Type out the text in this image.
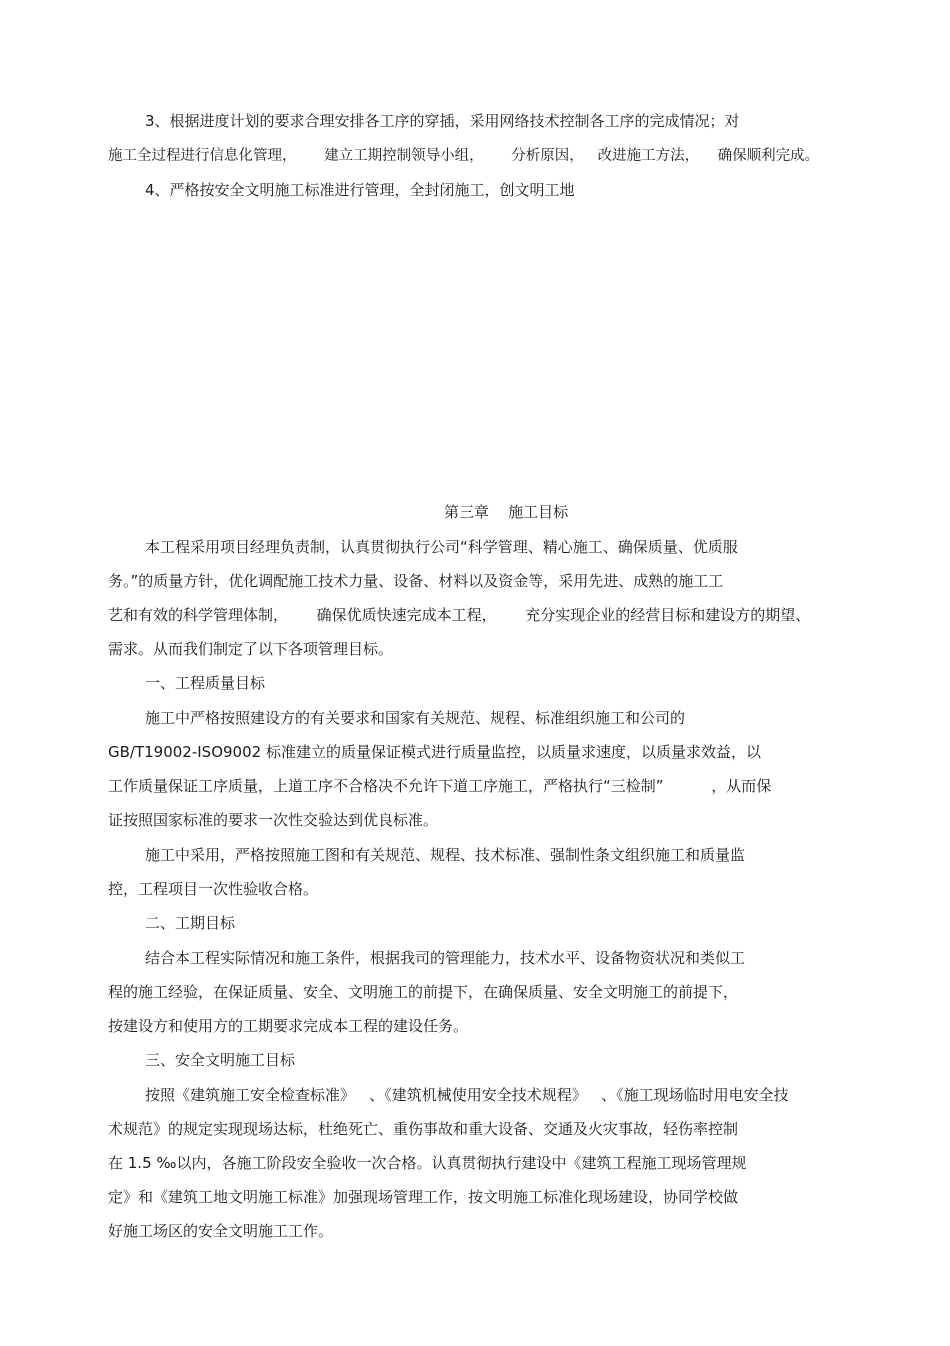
3、根据进度计划的要求合理安排各工序的穿插，采用网络技术控制各工序的完成情况；对

施工全过程进行信息化管理，      建立工期控制领导小组，      分析原因，   改进施工方法，    确保顺利完成。

4、严格按安全文明施工标准进行管理，全封闭施工，创文明工地

第三章    施工目标

本工程采用项目经理负责制，认真贯彻执行公司“科学管理、精心施工、确保质量、优质服

务。”的质量方针，优化调配施工技术力量、设备、材料以及资金等，采用先进、成熟的施工工

艺和有效的科学管理体制，      确保优质快速完成本工程，      充分实现企业的经营目标和建设方的期望、

需求。从而我们制定了以下各项管理目标。

一、工程质量目标

施工中严格按照建设方的有关要求和国家有关规范、规程、标准组织施工和公司的

GB/T19002-ISO9002 标准建立的质量保证模式进行质量监控，以质量求速度，以质量求效益，以

工作质量保证工序质量，上道工序不合格决不允许下道工序施工，严格执行“三检制”          ，从而保

证按照国家标准的要求一次性交验达到优良标准。

施工中采用，严格按照施工图和有关规范、规程、技术标准、强制性条文组织施工和质量监

控，工程项目一次性验收合格。

二、工期目标

结合本工程实际情况和施工条件，根据我司的管理能力，技术水平、设备物资状况和类似工

程的施工经验，在保证质量、安全、文明施工的前提下，在确保质量、安全文明施工的前提下，

按建设方和使用方的工期要求完成本工程的建设任务。

三、安全文明施工目标

按照《建筑施工安全检查标准》   、《建筑机械使用安全技术规程》   、《施工现场临时用电安全技

术规范》的规定实现现场达标，杜绝死亡、重伤事故和重大设备、交通及火灾事故，轻伤率控制

在 1.5 ‰以内，各施工阶段安全验收一次合格。认真贯彻执行建设中《建筑工程施工现场管理规

定》和《建筑工地文明施工标准》加强现场管理工作，按文明施工标准化现场建设，协同学校做

好施工场区的安全文明施工工作。
